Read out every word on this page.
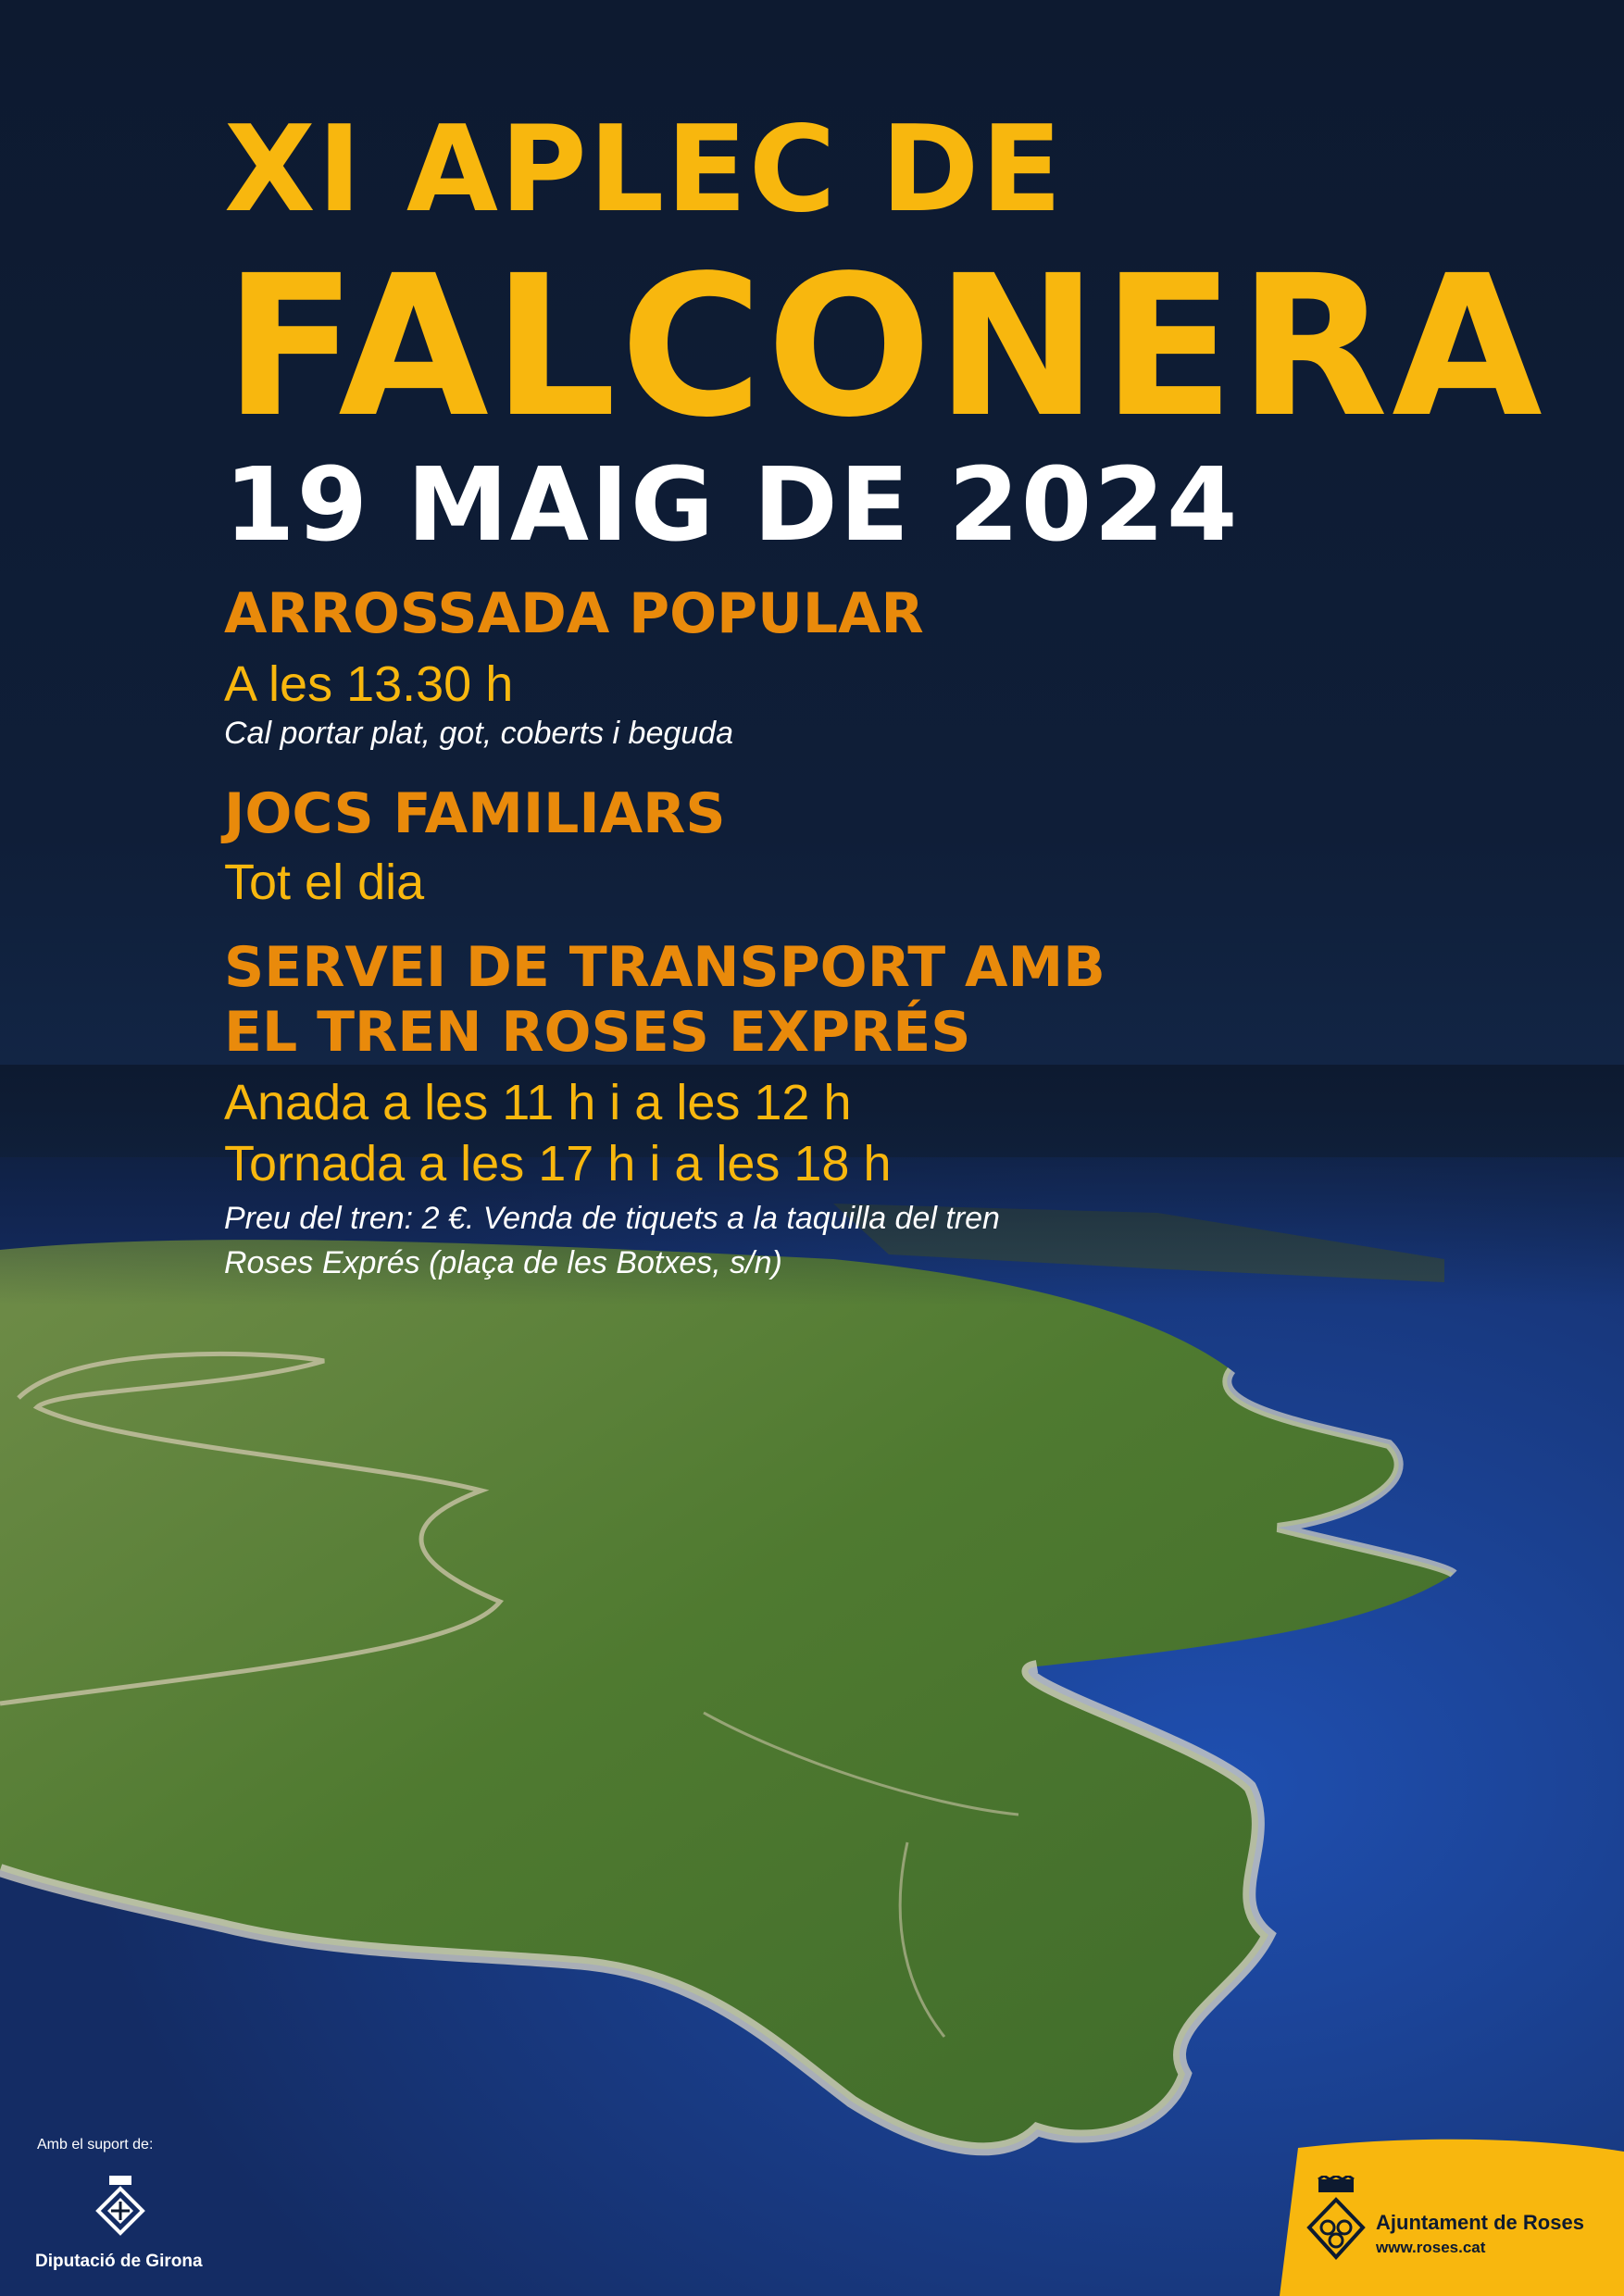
XI APLEC DE
FALCONERA
19 MAIG DE 2024
ARROSSADA POPULAR
A les 13.30 h
Cal portar plat, got, coberts i beguda
JOCS FAMILIARS
Tot el dia
SERVEI DE TRANSPORT AMB
EL TREN ROSES EXPRÉS
Anada a les 11 h i a les 12 h
Tornada a les 17 h i a les 18 h
Preu del tren: 2 €. Venda de tiquets a la taquilla del tren
Roses Exprés (plaça de les Botxes, s/n)
Amb el suport de:
Diputació de Girona
Ajuntament de Roses
www.roses.cat
